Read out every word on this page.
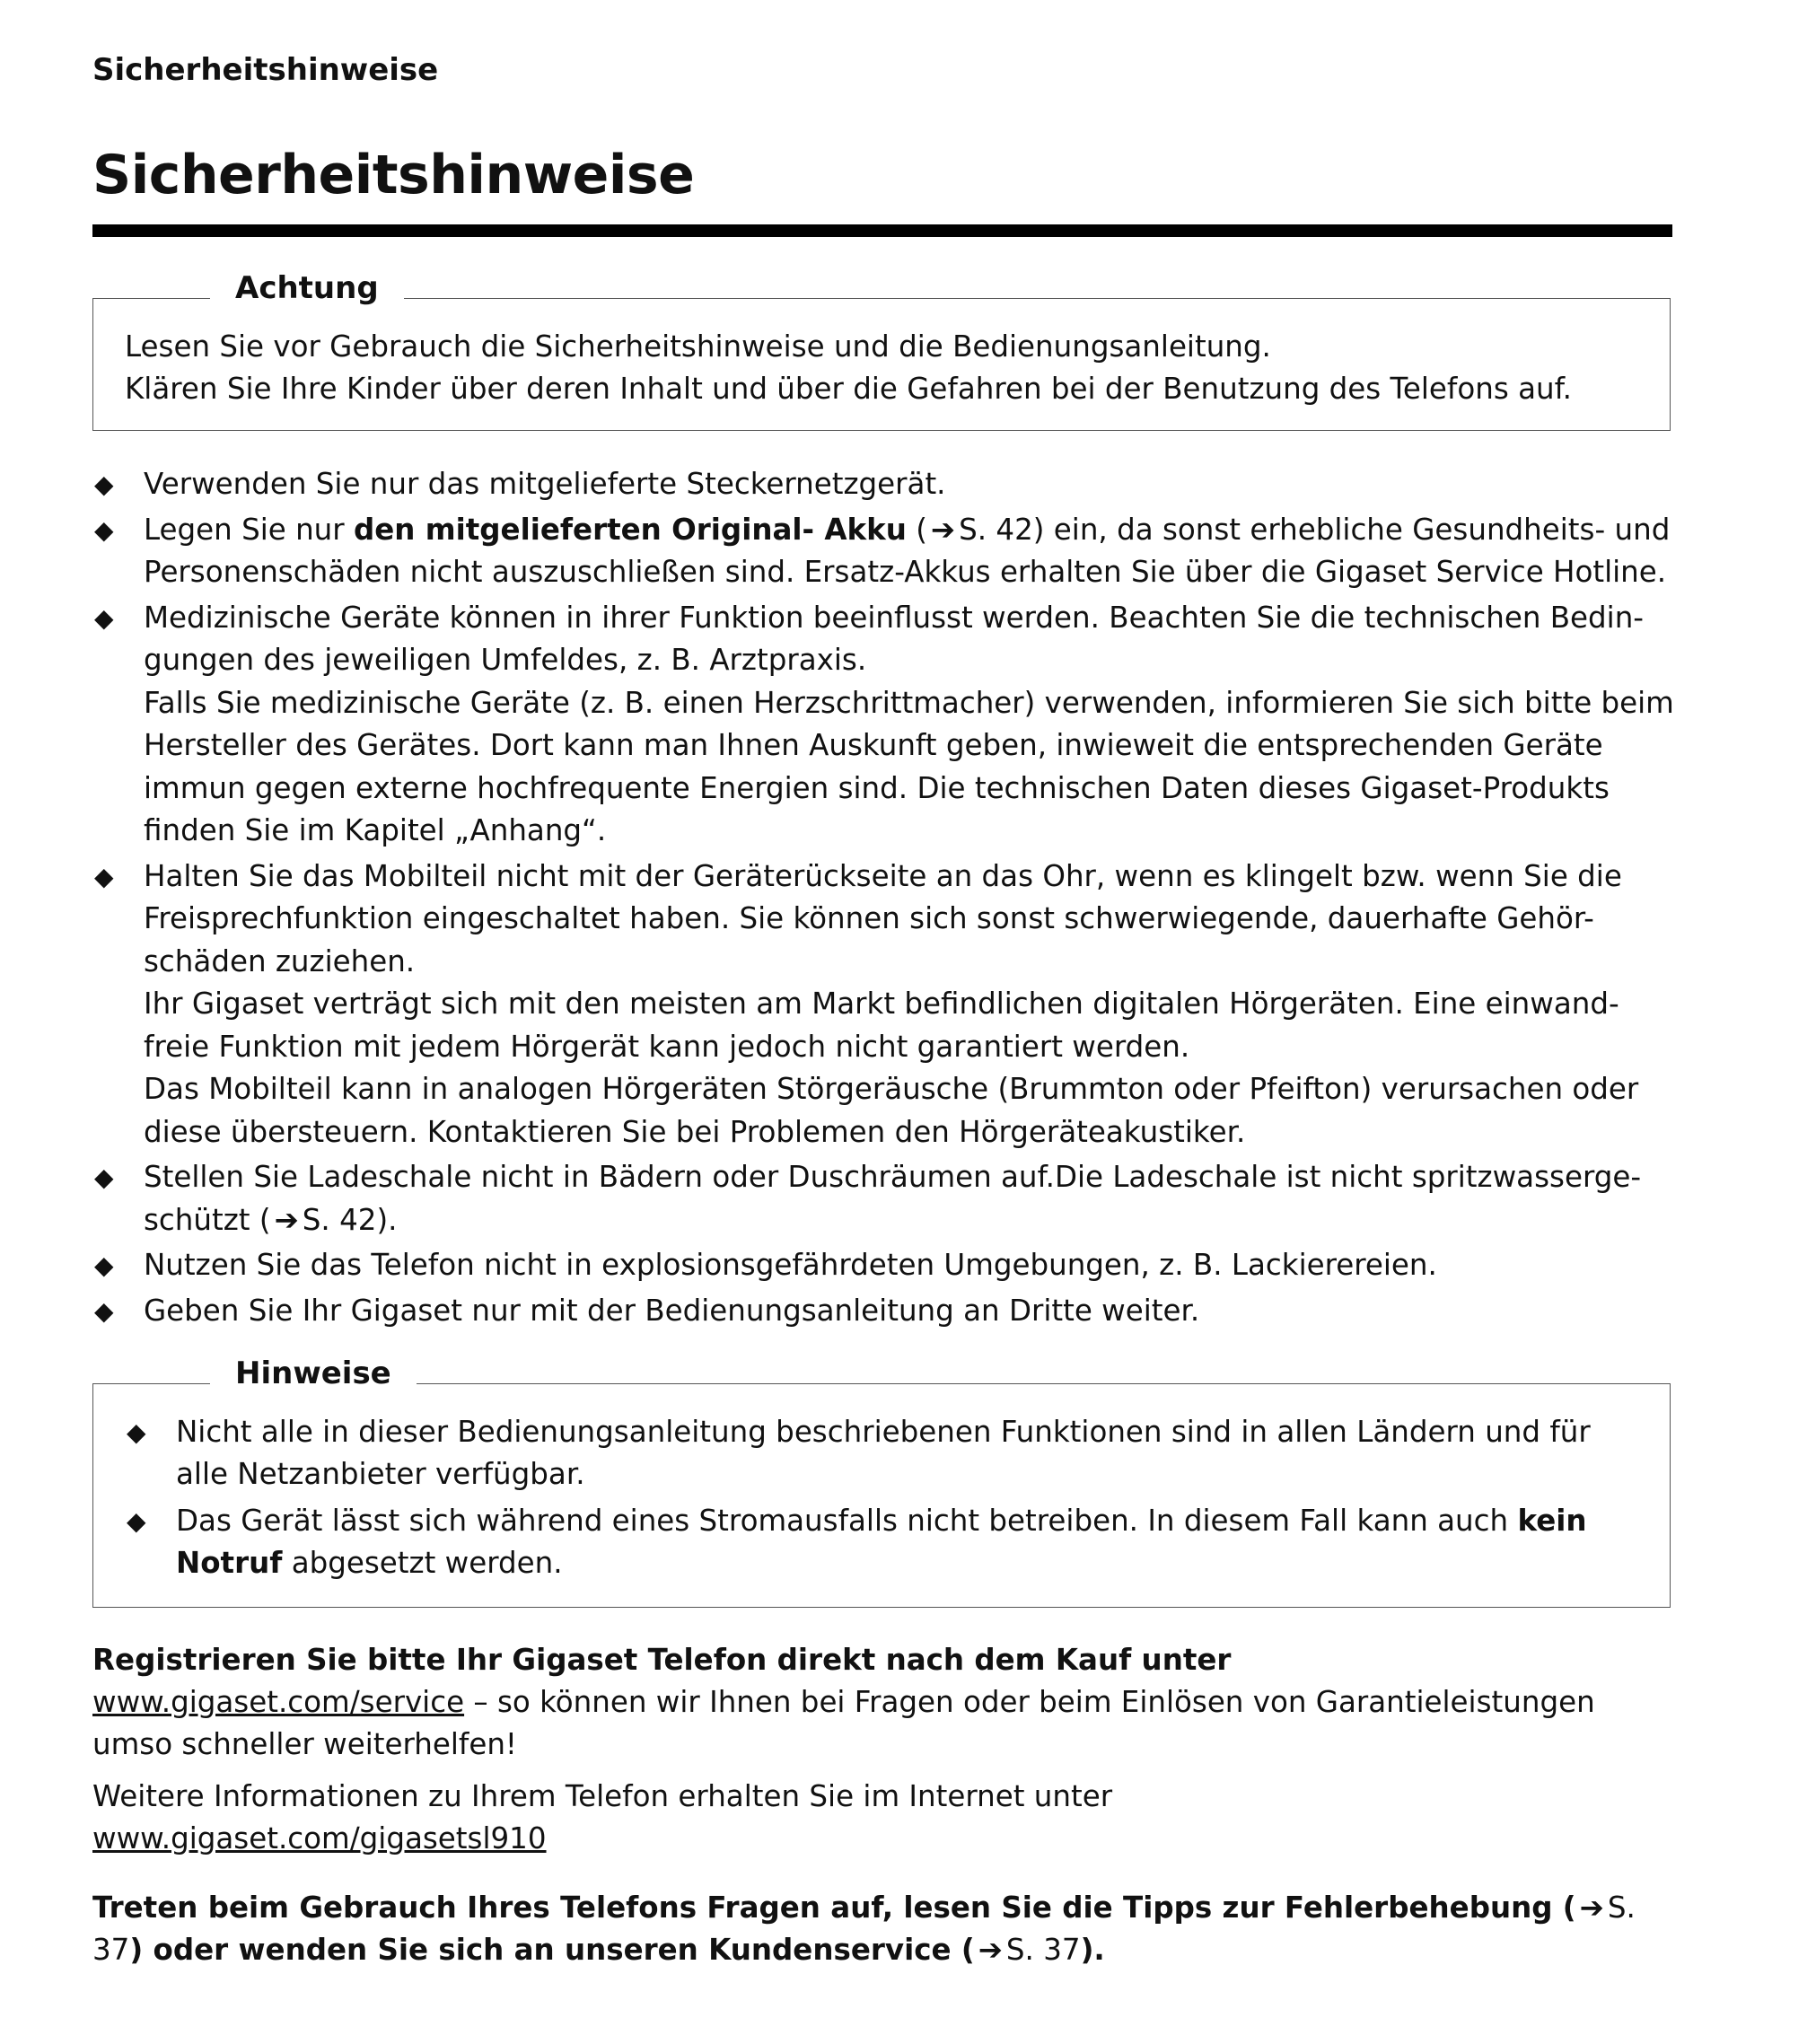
Sicherheitshinweise
Sicherheitshinweise
Achtung
Lesen Sie vor Gebrauch die Sicherheitshinweise und die Bedienungsanleitung.
Klären Sie Ihre Kinder über deren Inhalt und über die Gefahren bei der Benutzung des Telefons auf.
◆ Verwenden Sie nur das mitgelieferte Steckernetzgerät.
◆ Legen Sie nur den mitgelieferten Original- Akku ( ➔ S. 42) ein, da sonst erhebliche Gesundheits- und Personenschäden nicht auszuschließen sind. Ersatz-Akkus erhalten Sie über die Gigaset Service Hotline.
◆ Medizinische Geräte können in ihrer Funktion beeinflusst werden. Beachten Sie die technischen Bedin-gungen des jeweiligen Umfeldes, z. B. Arztpraxis.

Falls Sie medizinische Geräte (z. B. einen Herzschrittmacher) verwenden, informieren Sie sich bitte beim Hersteller des Gerätes. Dort kann man Ihnen Auskunft geben, inwieweit die entsprechenden Geräte immun gegen externe hochfrequente Energien sind. Die technischen Daten dieses Gigaset-Produkts finden Sie im Kapitel „Anhang“.

◆ Halten Sie das Mobilteil nicht mit der Geräterückseite an das Ohr, wenn es klingelt bzw. wenn Sie die Freisprechfunktion eingeschaltet haben. Sie können sich sonst schwerwiegende, dauerhafte Gehör-schäden zuziehen.

Ihr Gigaset verträgt sich mit den meisten am Markt befindlichen digitalen Hörgeräten. Eine einwand-freie Funktion mit jedem Hörgerät kann jedoch nicht garantiert werden.

Das Mobilteil kann in analogen Hörgeräten Störgeräusche (Brummton oder Pfeifton) verursachen oder diese übersteuern. Kontaktieren Sie bei Problemen den Hörgeräteakustiker.

◆ Stellen Sie Ladeschale nicht in Bädern oder Duschräumen auf.Die Ladeschale ist nicht spritzwasserge-schützt ( ➔ S. 42).
◆ Nutzen Sie das Telefon nicht in explosionsgefährdeten Umgebungen, z. B. Lackierereien.
◆ Geben Sie Ihr Gigaset nur mit der Bedienungsanleitung an Dritte weiter.
Hinweise
◆ Nicht alle in dieser Bedienungsanleitung beschriebenen Funktionen sind in allen Ländern und für alle Netzanbieter verfügbar.
◆ Das Gerät lässt sich während eines Stromausfalls nicht betreiben. In diesem Fall kann auch kein Notruf abgesetzt werden.

Registrieren Sie bitte Ihr Gigaset Telefon direkt nach dem Kauf unter
www.gigaset.com/service – so können wir Ihnen bei Fragen oder beim Einlösen von Garantieleistungen umso schneller weiterhelfen!

Weitere Informationen zu Ihrem Telefon erhalten Sie im Internet unter
www.gigaset.com/gigasetsl910

Treten beim Gebrauch Ihres Telefons Fragen auf, lesen Sie die Tipps zur Fehlerbehebung ( ➔ S. 37) oder wenden Sie sich an unseren Kundenservice ( ➔ S. 37).
